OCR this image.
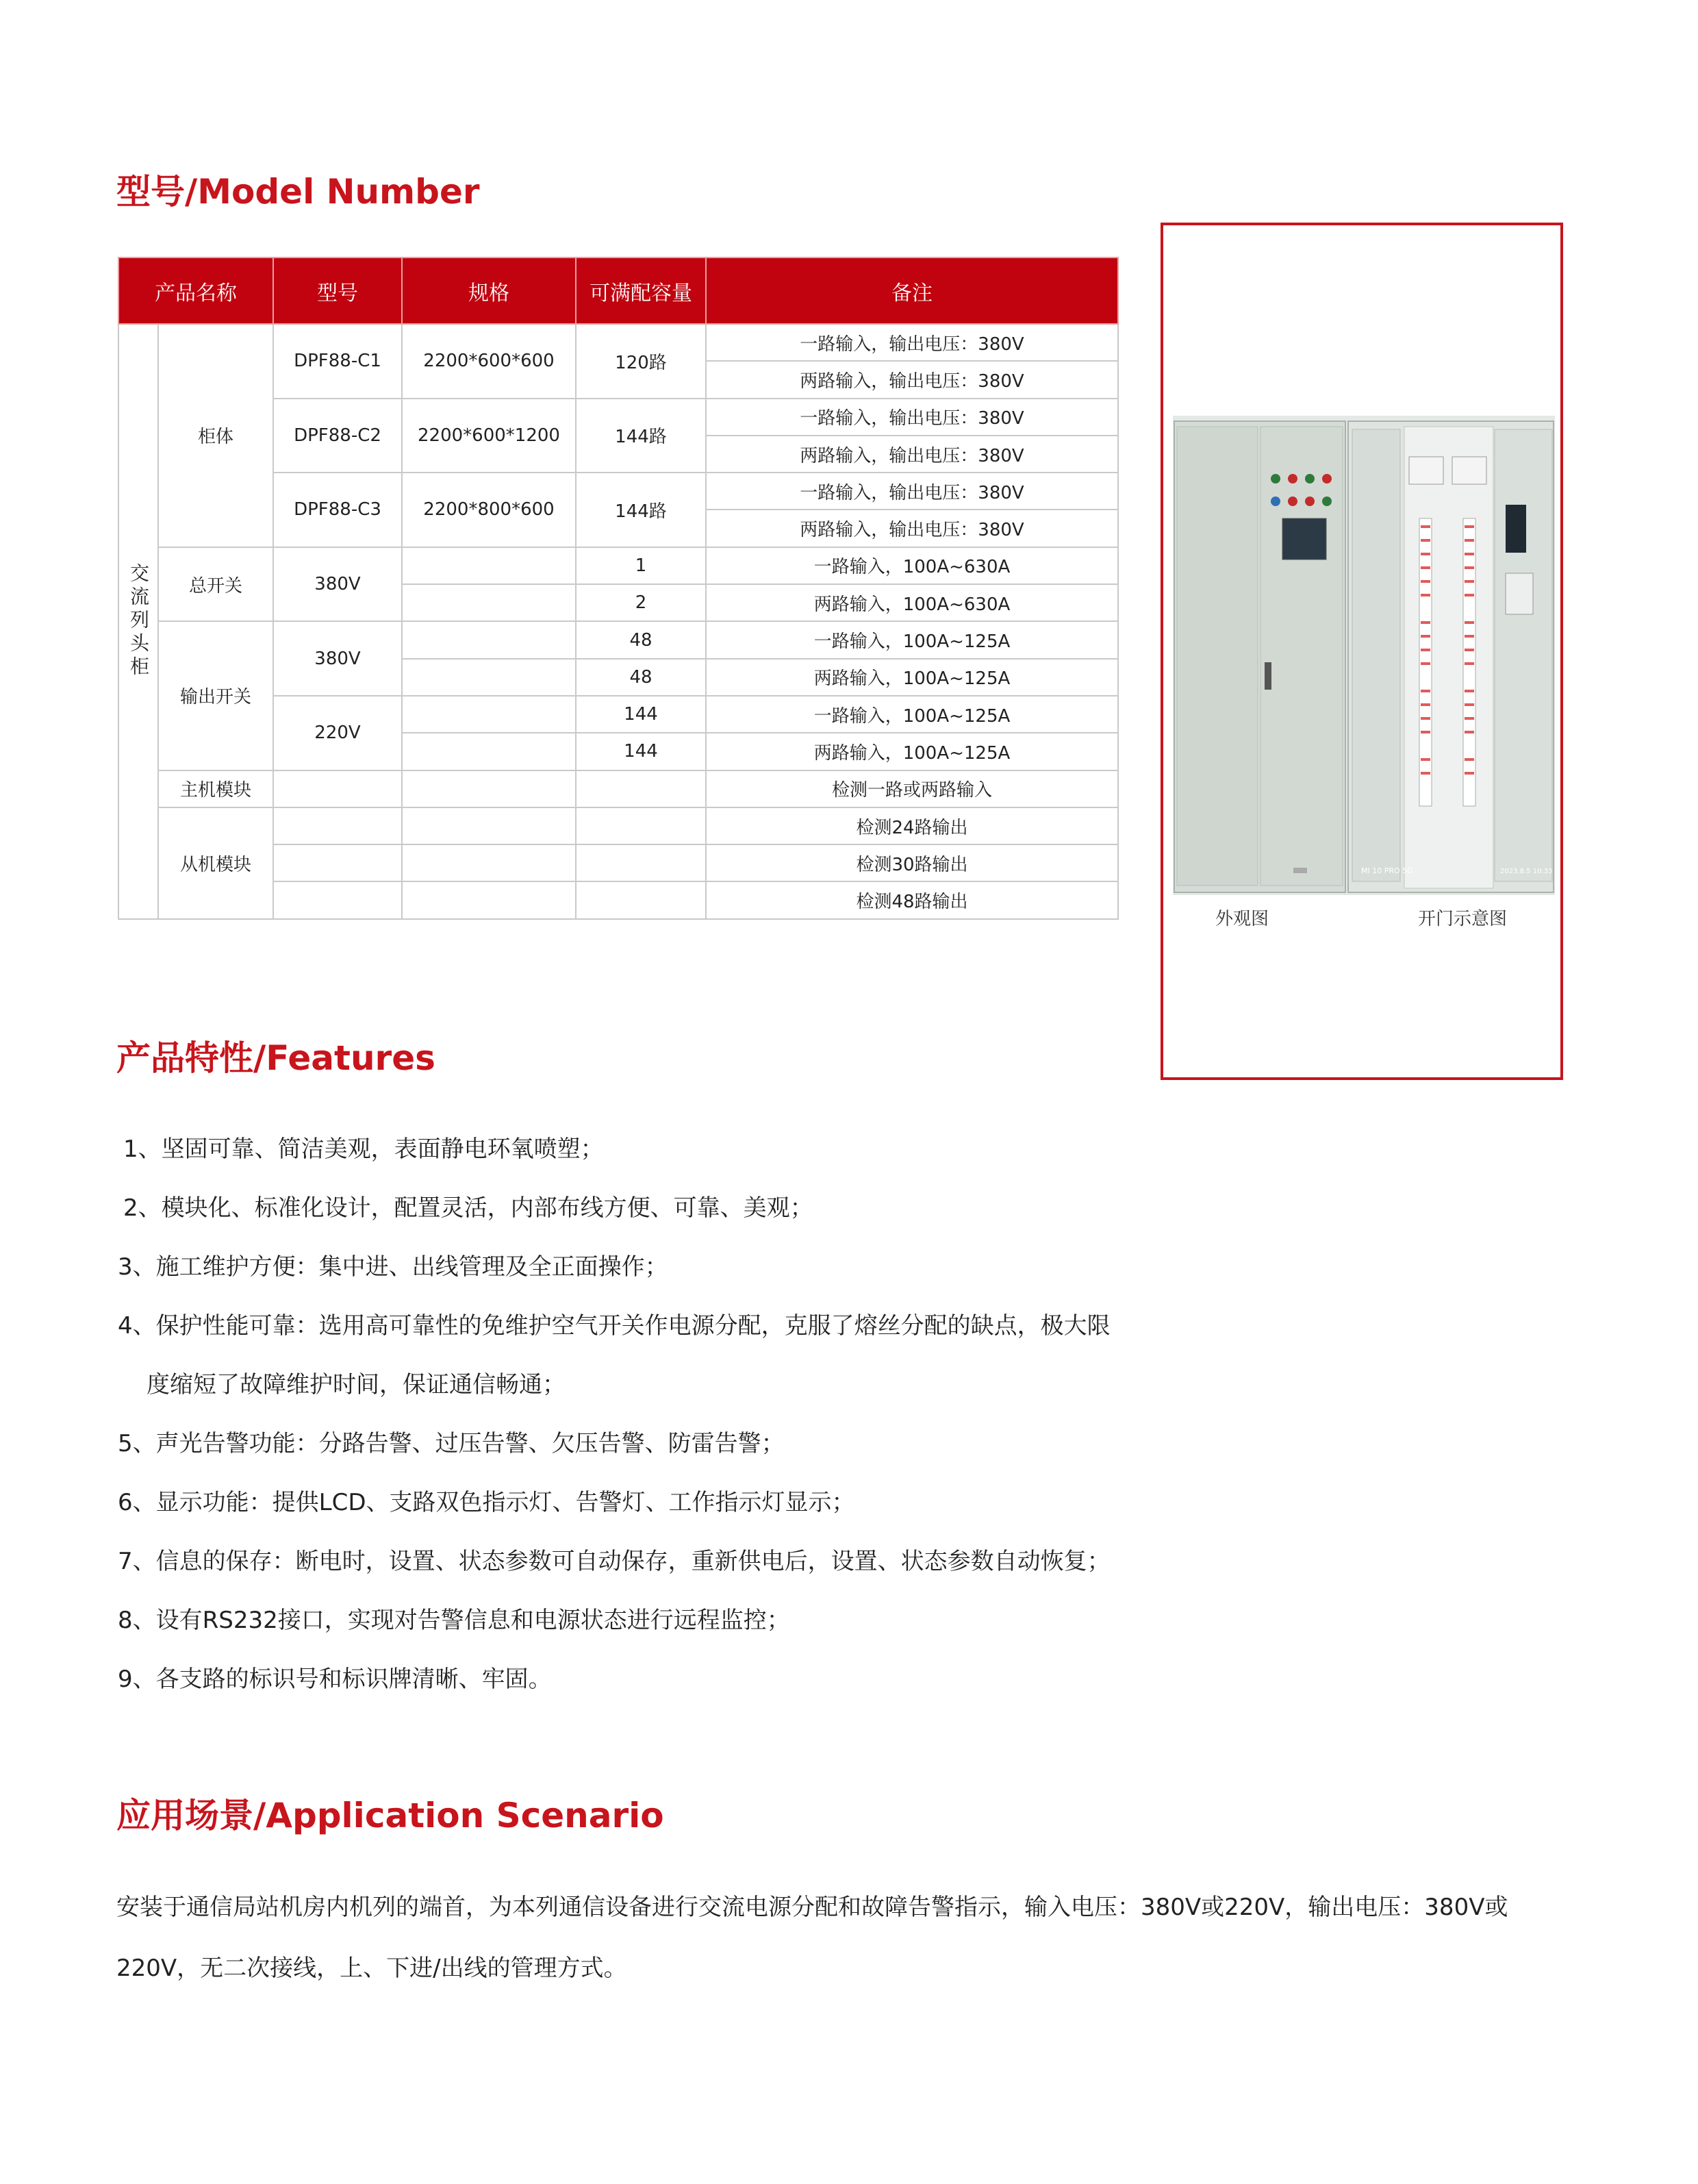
型号/Model Number
产品名称		型号	规格	可满配容量	备注
交流列头柜	柜体	DPF88-C1	2200*600*600	120路	一路输入，输出电压：380V
					两路输入，输出电压：380V
		DPF88-C2	2200*600*1200	144路	一路输入，输出电压：380V
					两路输入，输出电压：380V
		DPF88-C3	2200*800*600	144路	一路输入，输出电压：380V
					两路输入，输出电压：380V
	总开关	380V		1	一路输入，100A~630A
				2	两路输入，100A~630A
	输出开关	380V		48	一路输入，100A~125A
				48	两路输入，100A~125A
		220V		144	一路输入，100A~125A
				144	两路输入，100A~125A
	主机模块				检测一路或两路输入
	从机模块				检测24路输出
					检测30路输出
					检测48路输出
MI 10 PRO 5G	2023.8.5 10:33
外观图	开门示意图
产品特性/Features

1、坚固可靠、简洁美观，表面静电环氧喷塑；

2、模块化、标准化设计，配置灵活，内部布线方便、可靠、美观；

3、施工维护方便：集中进、出线管理及全正面操作；

4、保护性能可靠：选用高可靠性的免维护空气开关作电源分配，克服了熔丝分配的缺点，极大限

度缩短了故障维护时间，保证通信畅通；

5、声光告警功能：分路告警、过压告警、欠压告警、防雷告警；

6、显示功能：提供LCD、支路双色指示灯、告警灯、工作指示灯显示；

7、信息的保存：断电时，设置、状态参数可自动保存，重新供电后，设置、状态参数自动恢复；

8、设有RS232接口，实现对告警信息和电源状态进行远程监控；

9、各支路的标识号和标识牌清晰、牢固。

应用场景/Application Scenario

安装于通信局站机房内机列的端首，为本列通信设备进行交流电源分配和故障告警指示，输入电压：380V或220V，输出电压：380V或

220V，无二次接线，上、下进/出线的管理方式。
